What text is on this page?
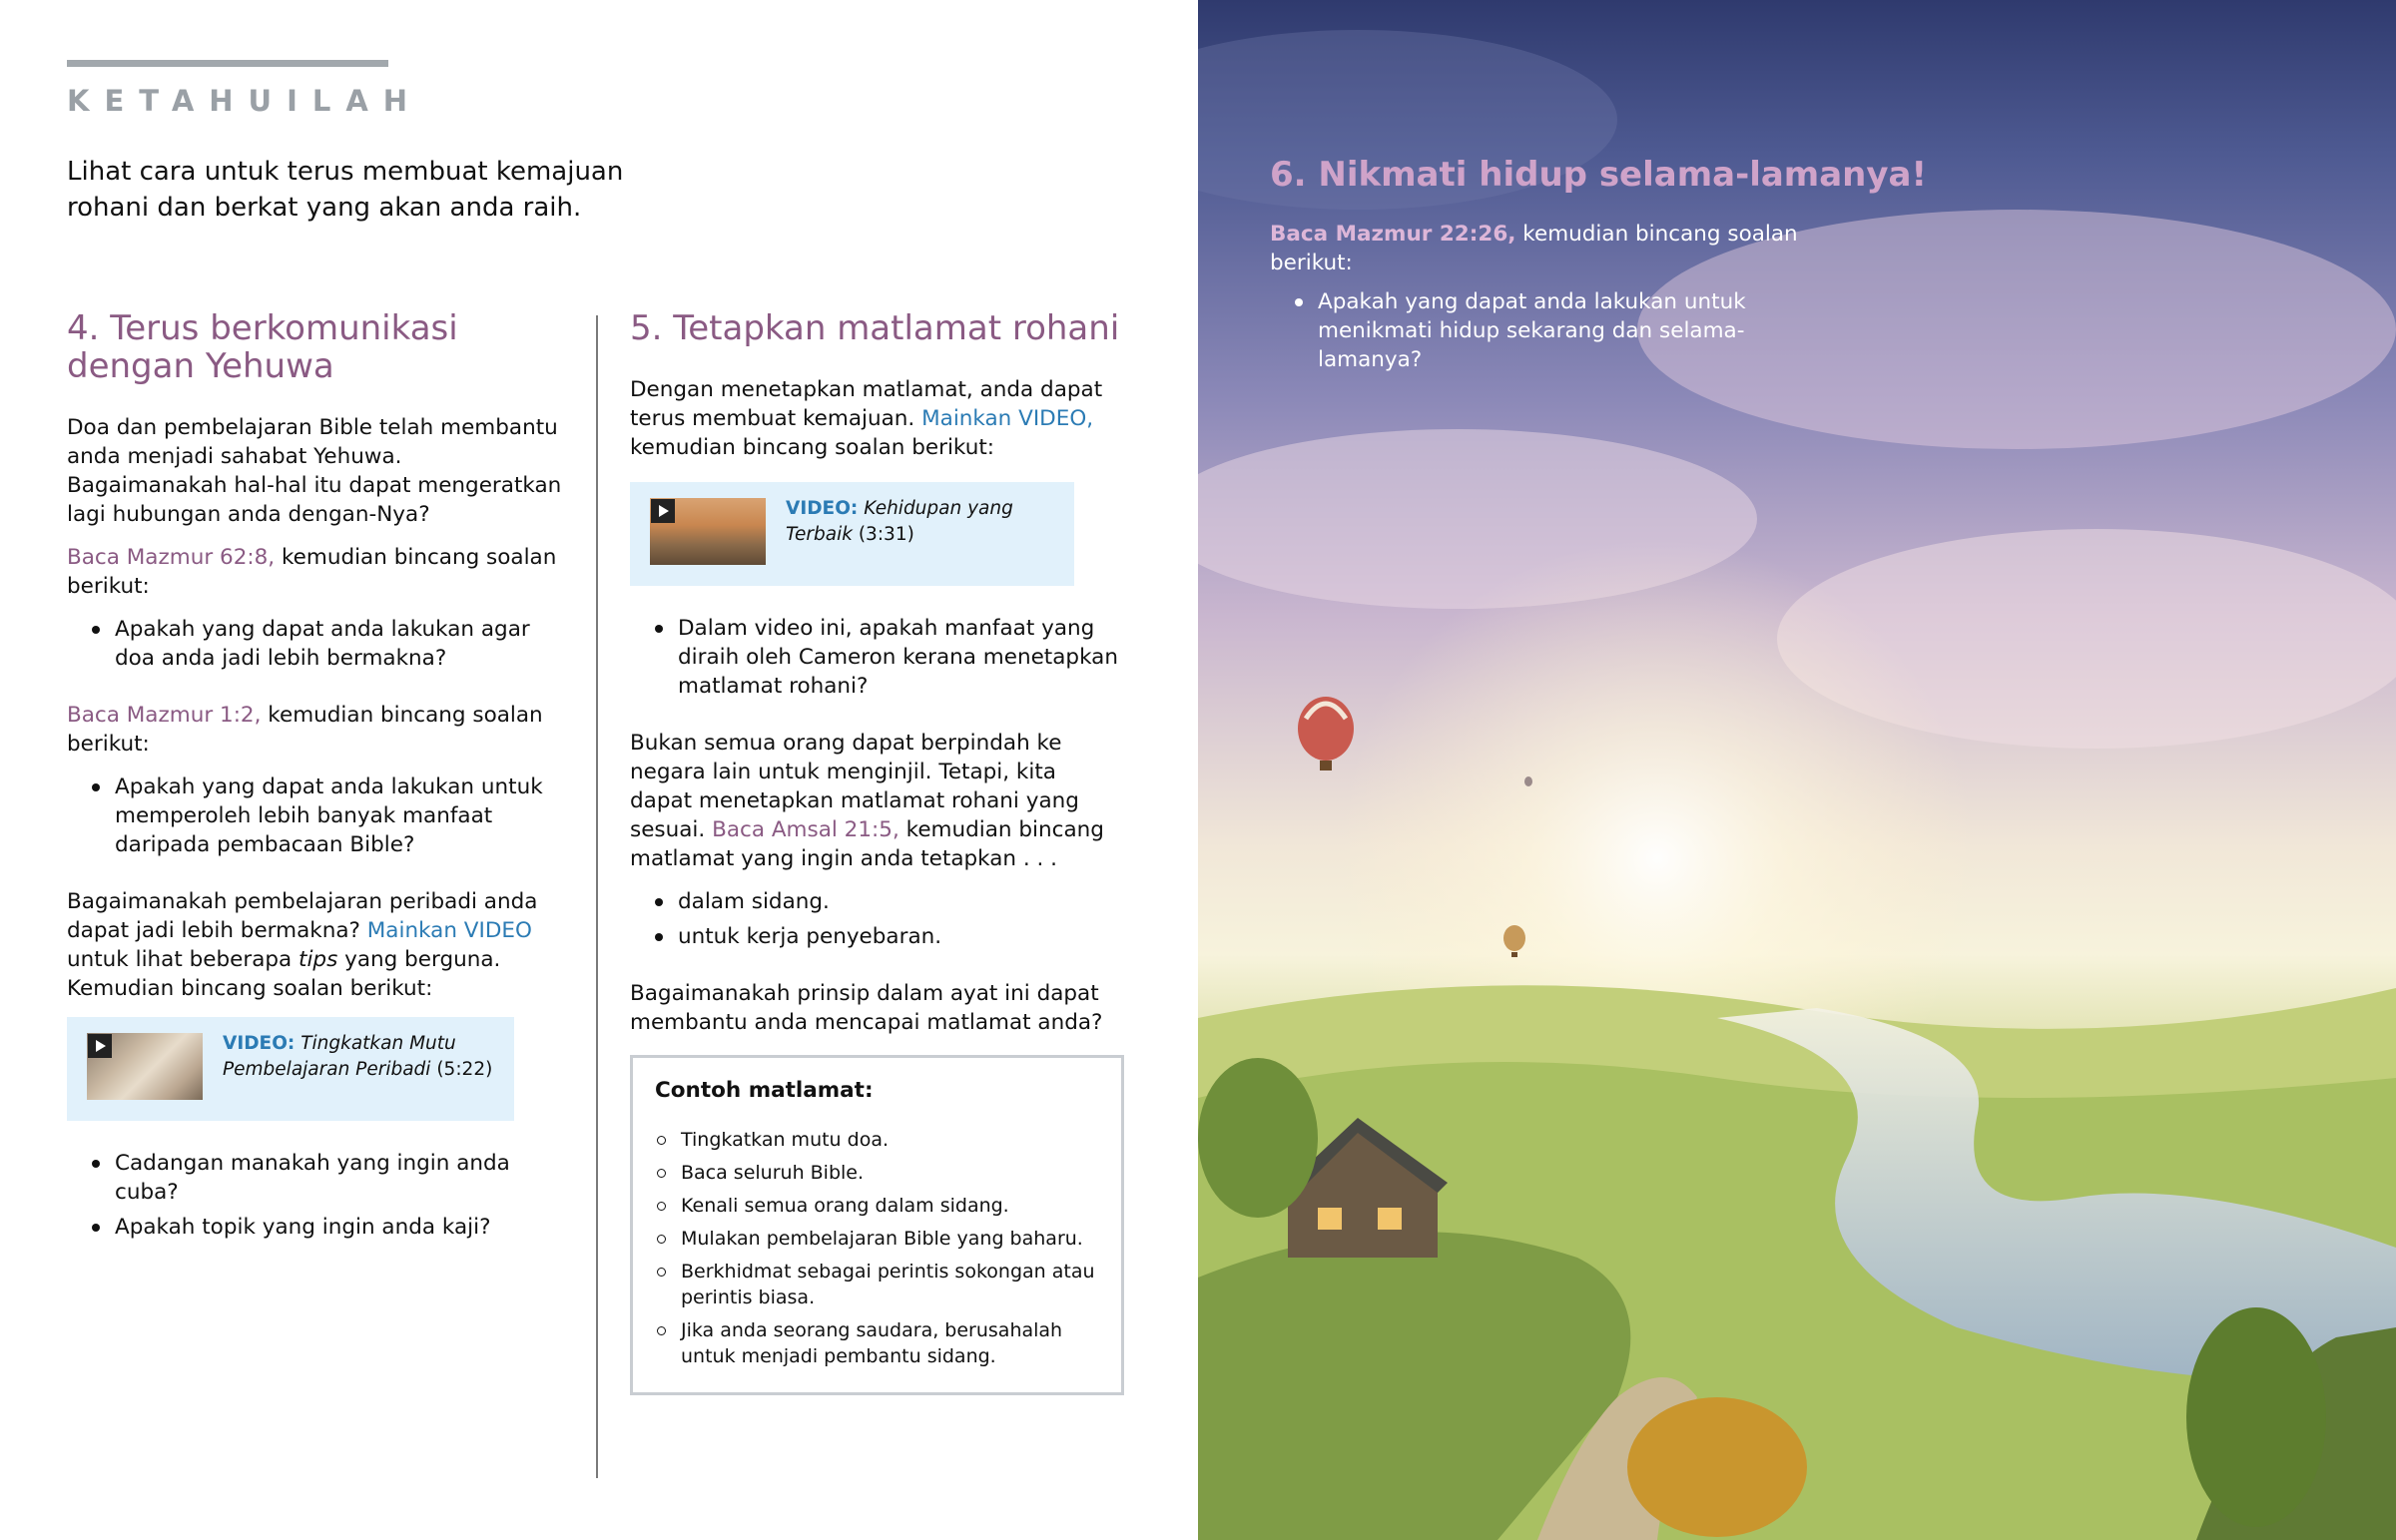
KETAHUILAH
Lihat cara untuk terus membuat kemajuan rohani dan berkat yang akan anda raih.
4. Terus berkomunikasi dengan Yehuwa

Doa dan pembelajaran Bible telah membantu anda menjadi sahabat Yehuwa. Bagaimanakah hal-hal itu dapat mengeratkan lagi hubungan anda dengan-Nya?

Baca Mazmur 62:8, kemudian bincang soalan berikut:

Apakah yang dapat anda lakukan agar doa anda jadi lebih bermakna?

Baca Mazmur 1:2, kemudian bincang soalan berikut:

Apakah yang dapat anda lakukan untuk memperoleh lebih banyak manfaat daripada pembacaan Bible?

Bagaimanakah pembelajaran peribadi anda dapat jadi lebih bermakna? Mainkan VIDEO untuk lihat beberapa tips yang berguna. Kemudian bincang soalan berikut:

VIDEO: Tingkatkan Mutu Pembelajaran Peribadi (5:22)
Cadangan manakah yang ingin anda cuba?
Apakah topik yang ingin anda kaji?
5. Tetapkan matlamat rohani

Dengan menetapkan matlamat, anda dapat terus membuat kemajuan. Mainkan VIDEO, kemudian bincang soalan berikut:

VIDEO: Kehidupan yang Terbaik (3:31)
Dalam video ini, apakah manfaat yang diraih oleh Cameron kerana menetapkan matlamat rohani?

Bukan semua orang dapat berpindah ke negara lain untuk menginjil. Tetapi, kita dapat menetapkan matlamat rohani yang sesuai. Baca Amsal 21:5, kemudian bincang matlamat yang ingin anda tetapkan . . .

dalam sidang.
untuk kerja penyebaran.

Bagaimanakah prinsip dalam ayat ini dapat membantu anda mencapai matlamat anda?

Contoh matlamat:
Tingkatkan mutu doa.
Baca seluruh Bible.
Kenali semua orang dalam sidang.
Mulakan pembelajaran Bible yang baharu.
Berkhidmat sebagai perintis sokongan atau perintis biasa.
Jika anda seorang saudara, berusahalah untuk menjadi pembantu sidang.
6. Nikmati hidup selama-lamanya!

Baca Mazmur 22:26, kemudian bincang soalan berikut:

Apakah yang dapat anda lakukan untuk menikmati hidup sekarang dan selama-lamanya?
